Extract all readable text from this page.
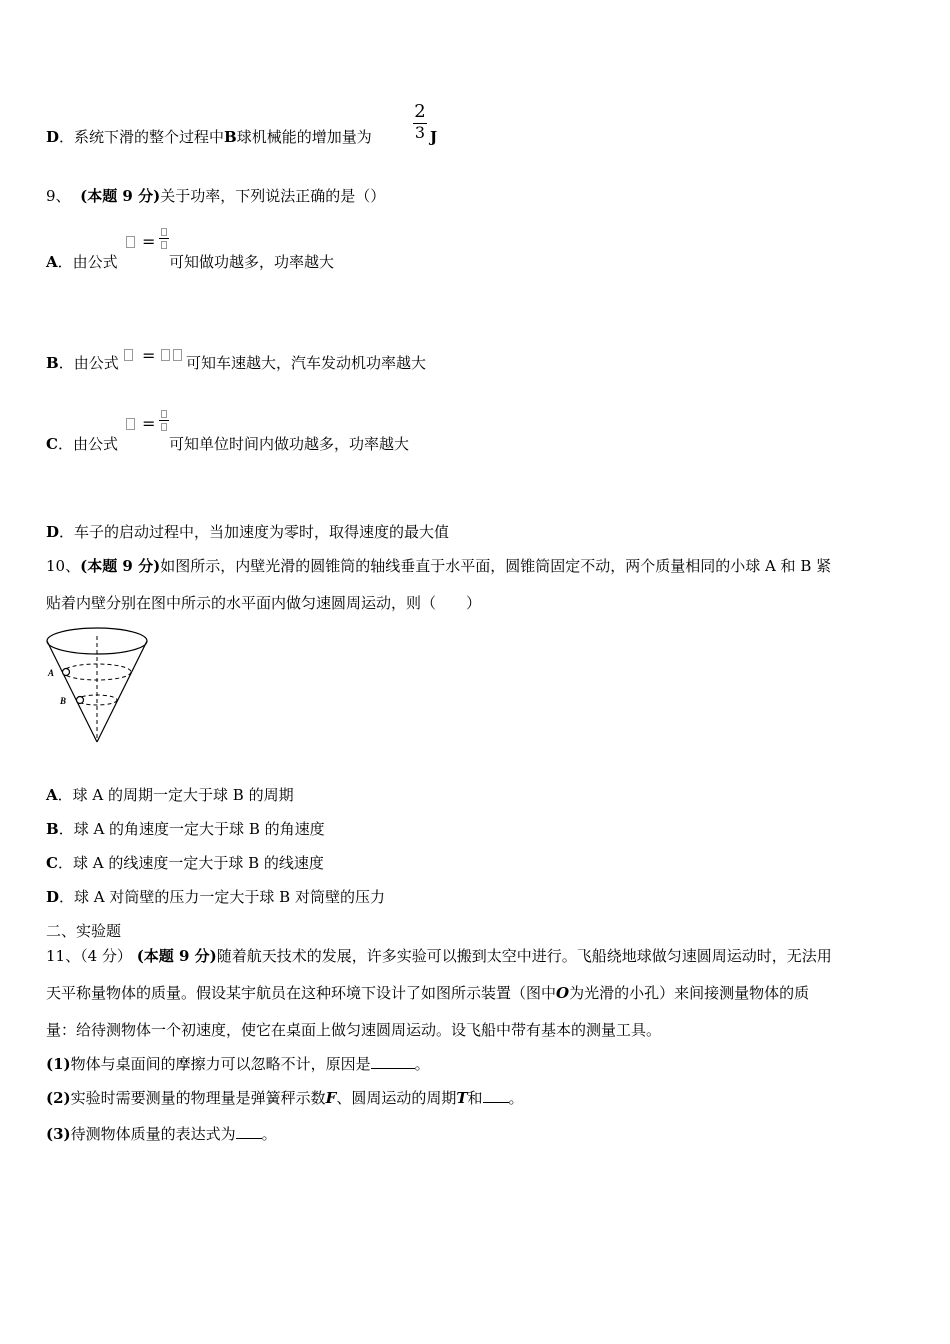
D．系统下滑的整个过程中B球机械能的增加量为
2
3 J
9、 (本题 9 分)关于功率，下列说法正确的是（）
A．由公式
=
可知做功越多，功率越大
B．由公式 = 可知车速越大，汽车发动机功率越大
C．由公式
=
可知单位时间内做功越多，功率越大
D．车子的启动过程中，当加速度为零时，取得速度的最大值
10、(本题 9 分)如图所示，内壁光滑的圆锥筒的轴线垂直于水平面，圆锥筒固定不动，两个质量相同的小球 A 和 B 紧
贴着内壁分别在图中所示的水平面内做匀速圆周运动，则（　　）
A
B
A．球 A 的周期一定大于球 B 的周期
B．球 A 的角速度一定大于球 B 的角速度
C．球 A 的线速度一定大于球 B 的线速度
D．球 A 对筒壁的压力一定大于球 B 对筒壁的压力
二、实验题
11、（4 分） (本题 9 分)随着航天技术的发展，许多实验可以搬到太空中进行。飞船绕地球做匀速圆周运动时，无法用
天平称量物体的质量。假设某宇航员在这种环境下设计了如图所示装置（图中O为光滑的小孔）来间接测量物体的质
量：给待测物体一个初速度，使它在桌面上做匀速圆周运动。设飞船中带有基本的测量工具。
(1)物体与桌面间的摩擦力可以忽略不计，原因是	。
(2)实验时需要测量的物理量是弹簧秤示数F、圆周运动的周期T和 。
(3)待测物体质量的表达式为 。
